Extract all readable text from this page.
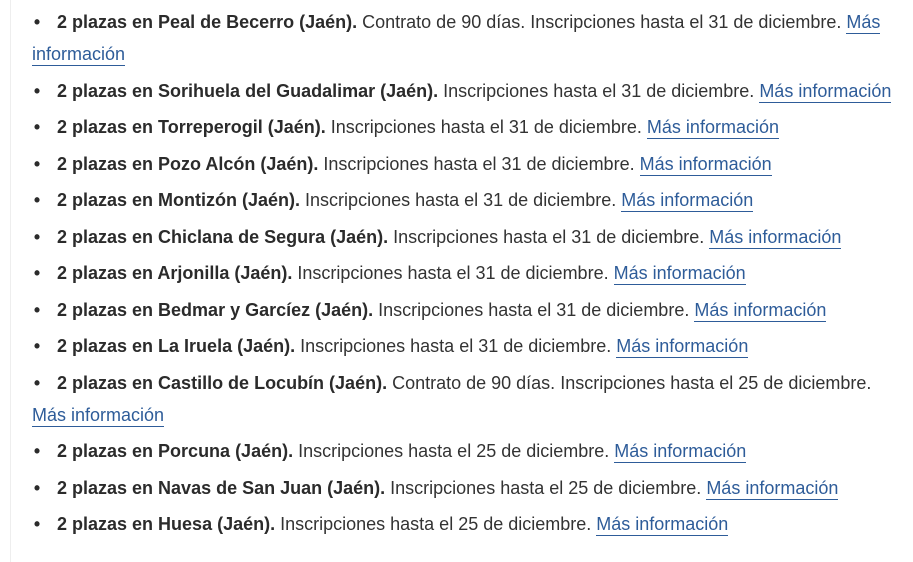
• 2 plazas en Peal de Becerro (Jaén). Contrato de 90 días. Inscripciones hasta el 31 de diciembre. Más información
• 2 plazas en Sorihuela del Guadalimar (Jaén). Inscripciones hasta el 31 de diciembre. Más información
• 2 plazas en Torreperogil (Jaén). Inscripciones hasta el 31 de diciembre. Más información
• 2 plazas en Pozo Alcón (Jaén). Inscripciones hasta el 31 de diciembre. Más información
• 2 plazas en Montizón (Jaén). Inscripciones hasta el 31 de diciembre. Más información
• 2 plazas en Chiclana de Segura (Jaén). Inscripciones hasta el 31 de diciembre. Más información
• 2 plazas en Arjonilla (Jaén). Inscripciones hasta el 31 de diciembre. Más información
• 2 plazas en Bedmar y Garcíez (Jaén). Inscripciones hasta el 31 de diciembre. Más información
• 2 plazas en La Iruela (Jaén). Inscripciones hasta el 31 de diciembre. Más información
• 2 plazas en Castillo de Locubín (Jaén). Contrato de 90 días. Inscripciones hasta el 25 de diciembre. Más información
• 2 plazas en Porcuna (Jaén). Inscripciones hasta el 25 de diciembre. Más información
• 2 plazas en Navas de San Juan (Jaén). Inscripciones hasta el 25 de diciembre. Más información
• 2 plazas en Huesa (Jaén). Inscripciones hasta el 25 de diciembre. Más información
